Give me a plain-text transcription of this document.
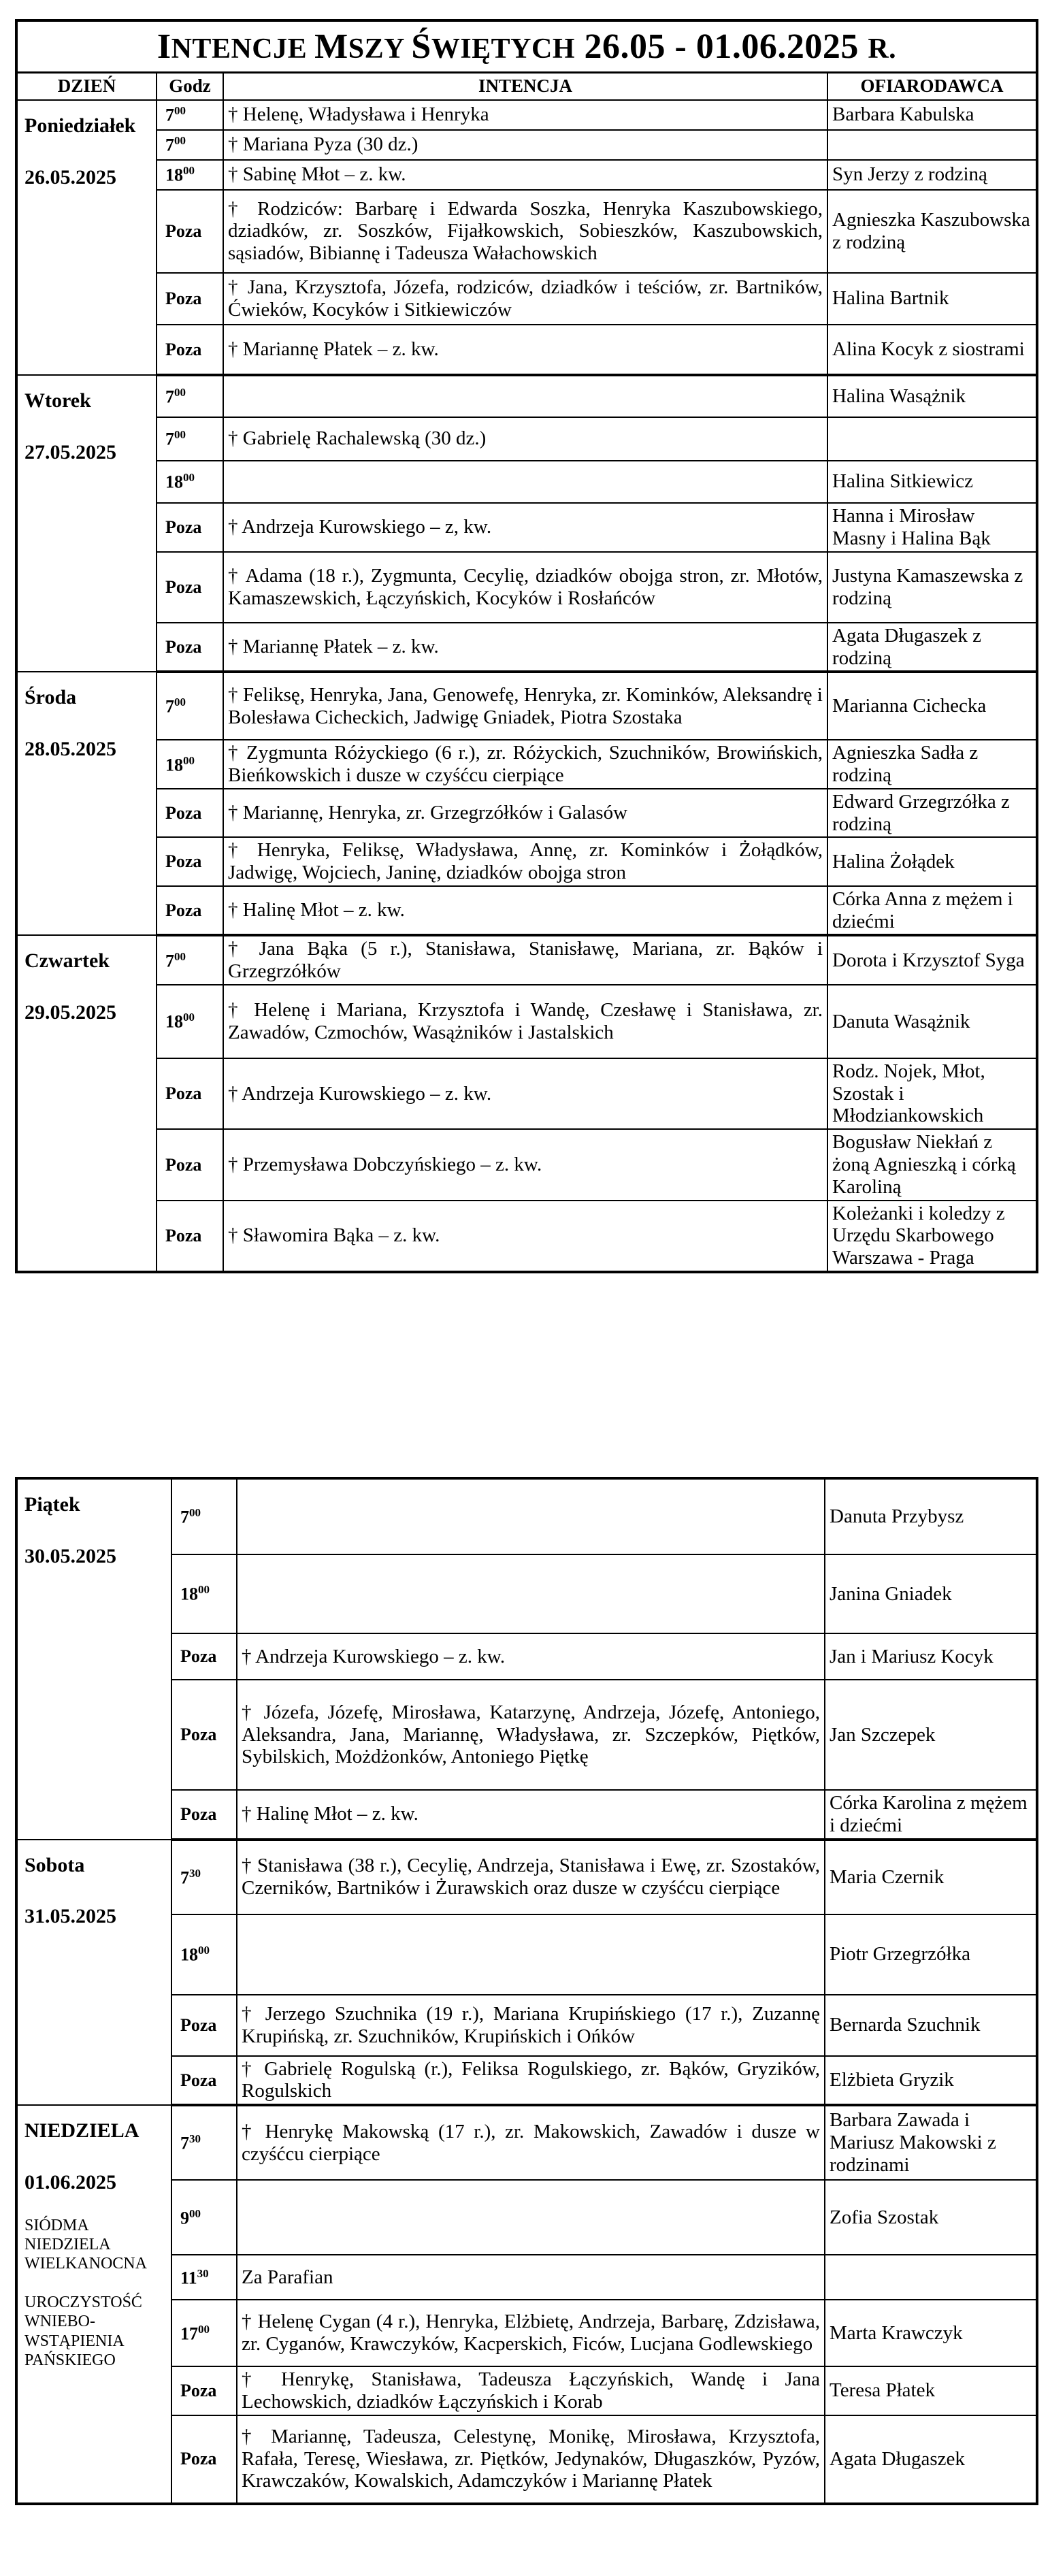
INTENCJE MSZY ŚWIĘTYCH 26.05 - 01.06.2025 R.			
DZIEŃ	Godz	INTENCJA	OFIARODAWCA

Poniedziałek
26.05.2025	$7^{00}$	† Helenę, Władysława i Henryka	Barbara Kabulska
	$7^{00}$	† Mariana Pyza (30 dz.)	
	$18^{00}$	† Sabinę Młot – z. kw.	Syn Jerzy z rodziną
	Poza	† Rodziców: Barbarę i Edwarda Soszka, Henryka Kaszubowskiego, dziadków, zr. Soszków, Fijałkowskich, Sobieszków, Kaszubowskich, sąsiadów, Bibiannę i Tadeusza Wałachowskich	Agnieszka Kaszubowska z rodziną
	Poza	† Jana, Krzysztofa, Józefa, rodziców, dziadków i teściów, zr. Bartników, Ćwieków, Kocyków i Sitkiewiczów	Halina Bartnik
	Poza	† Mariannę Płatek – z. kw.	Alina Kocyk z siostrami

Wtorek
27.05.2025	$7^{00}$		Halina Wasążnik
	$7^{00}$	† Gabrielę Rachalewską (30 dz.)	
	$18^{00}$		Halina Sitkiewicz
	Poza	† Andrzeja Kurowskiego – z, kw.	Hanna i Mirosław Masny i Halina Bąk
	Poza	† Adama (18 r.), Zygmunta, Cecylię, dziadków obojga stron, zr. Młotów, Kamaszewskich, Łączyńskich, Kocyków i Rosłańców	Justyna Kamaszewska z rodziną
	Poza	† Mariannę Płatek – z. kw.	Agata Długaszek z rodziną

Środa
28.05.2025	$7^{00}$	† Feliksę, Henryka, Jana, Genowefę, Henryka, zr. Kominków, Aleksandrę i Bolesława Cicheckich, Jadwigę Gniadek, Piotra Szostaka	Marianna Cichecka
	$18^{00}$	† Zygmunta Różyckiego (6 r.), zr. Różyckich, Szuchników, Browińskich, Bieńkowskich i dusze w czyśćcu cierpiące	Agnieszka Sadła z rodziną
	Poza	† Mariannę, Henryka, zr. Grzegrzółków i Galasów	Edward Grzegrzółka z rodziną
	Poza	† Henryka, Feliksę, Władysława, Annę, zr. Kominków i Żołądków, Jadwigę, Wojciech, Janinę, dziadków obojga stron	Halina Żołądek
	Poza	† Halinę Młot – z. kw.	Córka Anna z mężem i dziećmi

Czwartek
29.05.2025	$7^{00}$	† Jana Bąka (5 r.), Stanisława, Stanisławę, Mariana, zr. Bąków i Grzegrzółków	Dorota i Krzysztof Syga
	$18^{00}$	† Helenę i Mariana, Krzysztofa i Wandę, Czesławę i Stanisława, zr. Zawadów, Czmochów, Wasążników i Jastalskich	Danuta Wasążnik
	Poza	† Andrzeja Kurowskiego – z. kw.	Rodz. Nojek, Młot, Szostak i Młodziankowskich
	Poza	† Przemysława Dobczyńskiego – z. kw.	Bogusław Niekłań z żoną Agnieszką i córką Karoliną
	Poza	† Sławomira Bąka – z. kw.	Koleżanki i koledzy z Urzędu Skarbowego Warszawa - Praga
Piątek
30.05.2025	$7^{00}$		Danuta Przybysz
	$18^{00}$		Janina Gniadek
	Poza	† Andrzeja Kurowskiego – z. kw.	Jan i Mariusz Kocyk
	Poza	† Józefa, Józefę, Mirosława, Katarzynę, Andrzeja, Józefę, Antoniego, Aleksandra, Jana, Mariannę, Władysława, zr. Szczepków, Piętków, Sybilskich, Możdżonków, Antoniego Piętkę	Jan Szczepek
	Poza	† Halinę Młot – z. kw.	Córka Karolina z mężem i dziećmi

Sobota
31.05.2025	$7^{30}$	† Stanisława (38 r.), Cecylię, Andrzeja, Stanisława i Ewę, zr. Szostaków, Czerników, Bartników i Żurawskich oraz dusze w czyśćcu cierpiące	Maria Czernik
	$18^{00}$		Piotr Grzegrzółka
	Poza	† Jerzego Szuchnika (19 r.), Mariana Krupińskiego (17 r.), Zuzannę Krupińską, zr. Szuchników, Krupińskich i Ońków	Bernarda Szuchnik
	Poza	† Gabrielę Rogulską (r.), Feliksa Rogulskiego, zr. Bąków, Gryzików, Rogulskich	Elżbieta Gryzik

NIEDZIELA
01.06.2025
SIÓDMA NIEDZIELA WIELKANOCNA

UROCZYSTOŚĆ WNIEBO-WSTĄPIENIA PAŃSKIEGO	$7^{30}$	† Henrykę Makowską (17 r.), zr. Makowskich, Zawadów i dusze w czyśćcu cierpiące	Barbara Zawada i Mariusz Makowski z rodzinami
	$9^{00}$		Zofia Szostak
	$11^{30}$	Za Parafian	
	$17^{00}$	† Helenę Cygan (4 r.), Henryka, Elżbietę, Andrzeja, Barbarę, Zdzisława, zr. Cyganów, Krawczyków, Kacperskich, Ficów, Lucjana Godlewskiego	Marta Krawczyk
	Poza	† Henrykę, Stanisława, Tadeusza Łączyńskich, Wandę i Jana Lechowskich, dziadków Łączyńskich i Korab	Teresa Płatek
	Poza	† Mariannę, Tadeusza, Celestynę, Monikę, Mirosława, Krzysztofa, Rafała, Teresę, Wiesława, zr. Piętków, Jedynaków, Długaszków, Pyzów, Krawczaków, Kowalskich, Adamczyków i Mariannę Płatek	Agata Długaszek
